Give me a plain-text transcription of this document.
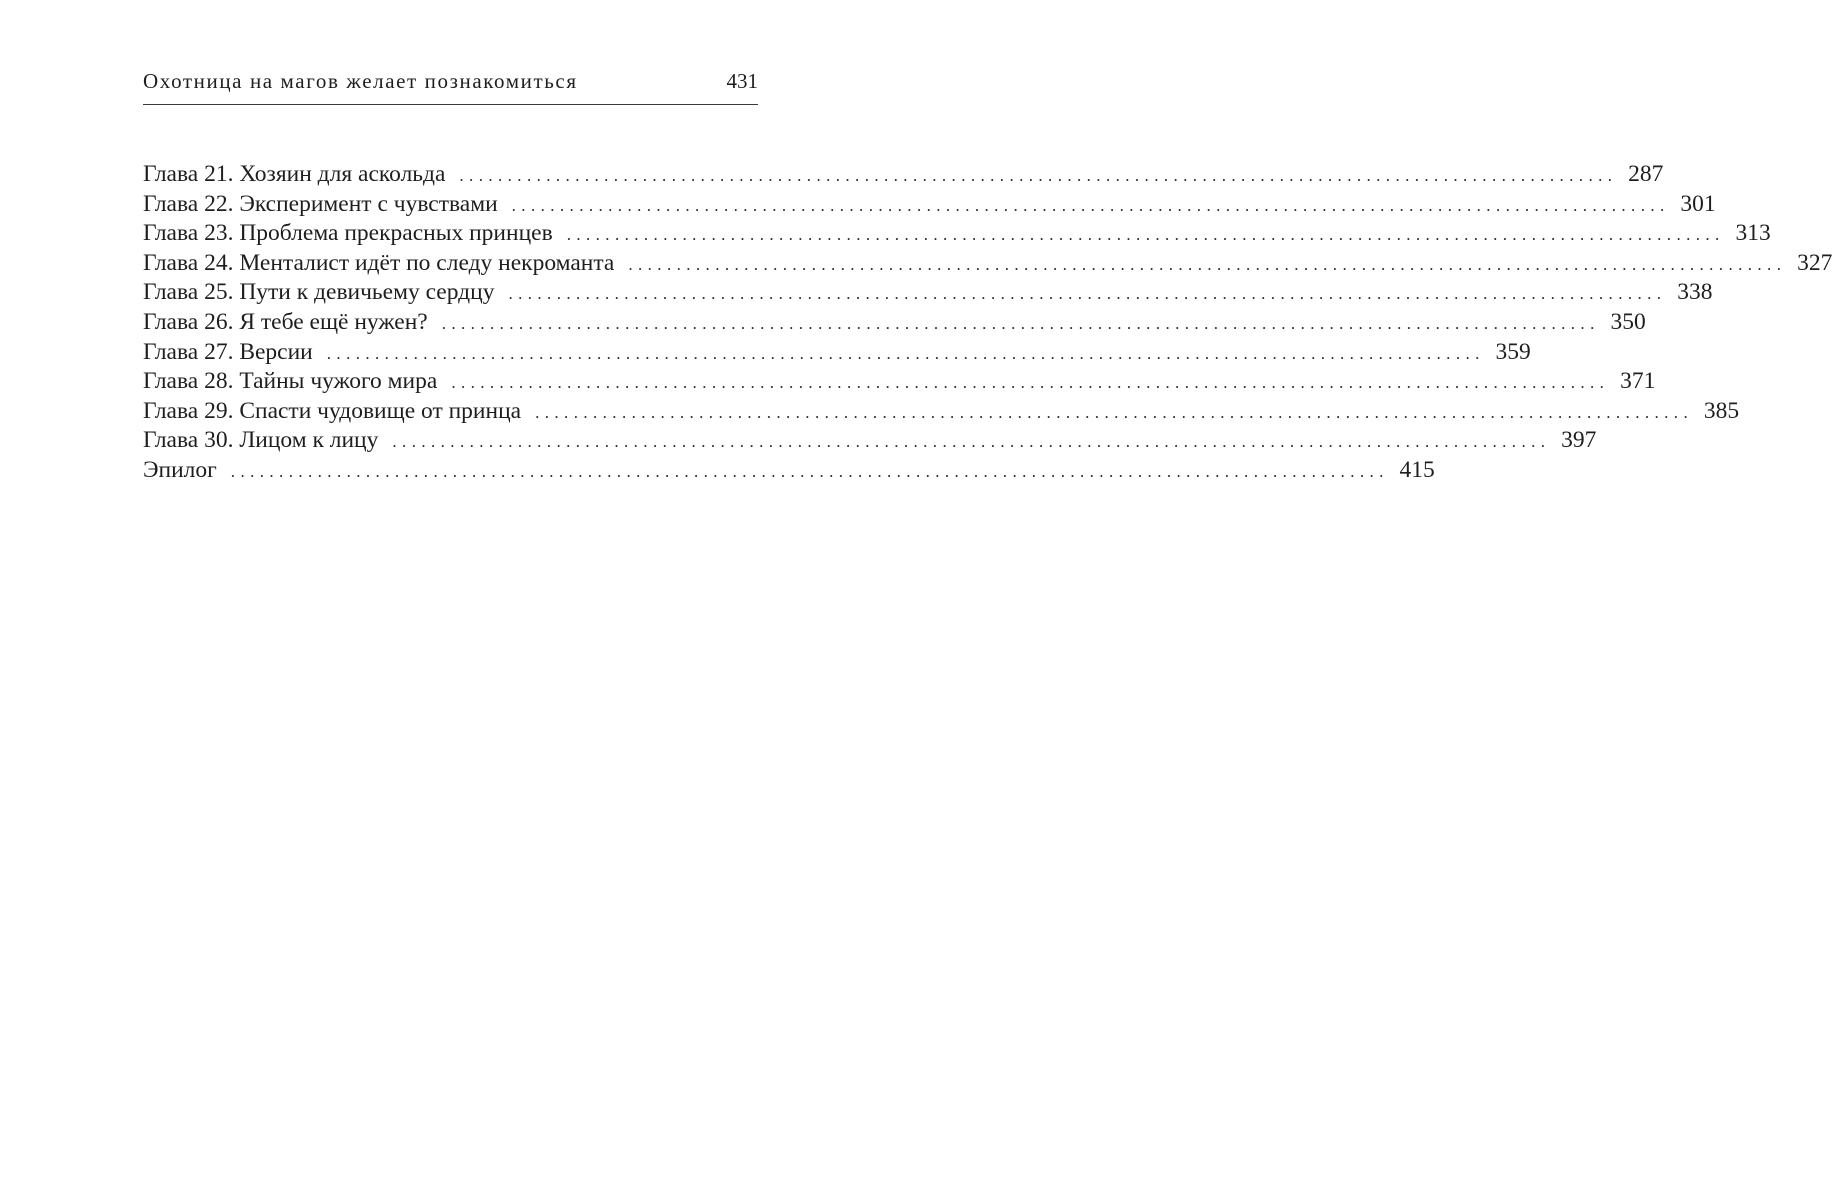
Охотница на магов желает познакомиться	431
Глава 21. Хозяин для аскольда ........................................................................................................................ 287
Глава 22. Эксперимент с чувствами ........................................................................................................................ 301
Глава 23. Проблема прекрасных принцев ........................................................................................................................ 313
Глава 24. Менталист идёт по следу некроманта ........................................................................................................................ 327
Глава 25. Пути к девичьему сердцу ........................................................................................................................ 338
Глава 26. Я тебе ещё нужен? ........................................................................................................................ 350
Глава 27. Версии ........................................................................................................................ 359
Глава 28. Тайны чужого мира ........................................................................................................................ 371
Глава 29. Спасти чудовище от принца ........................................................................................................................ 385
Глава 30. Лицом к лицу ........................................................................................................................ 397
Эпилог ........................................................................................................................ 415
